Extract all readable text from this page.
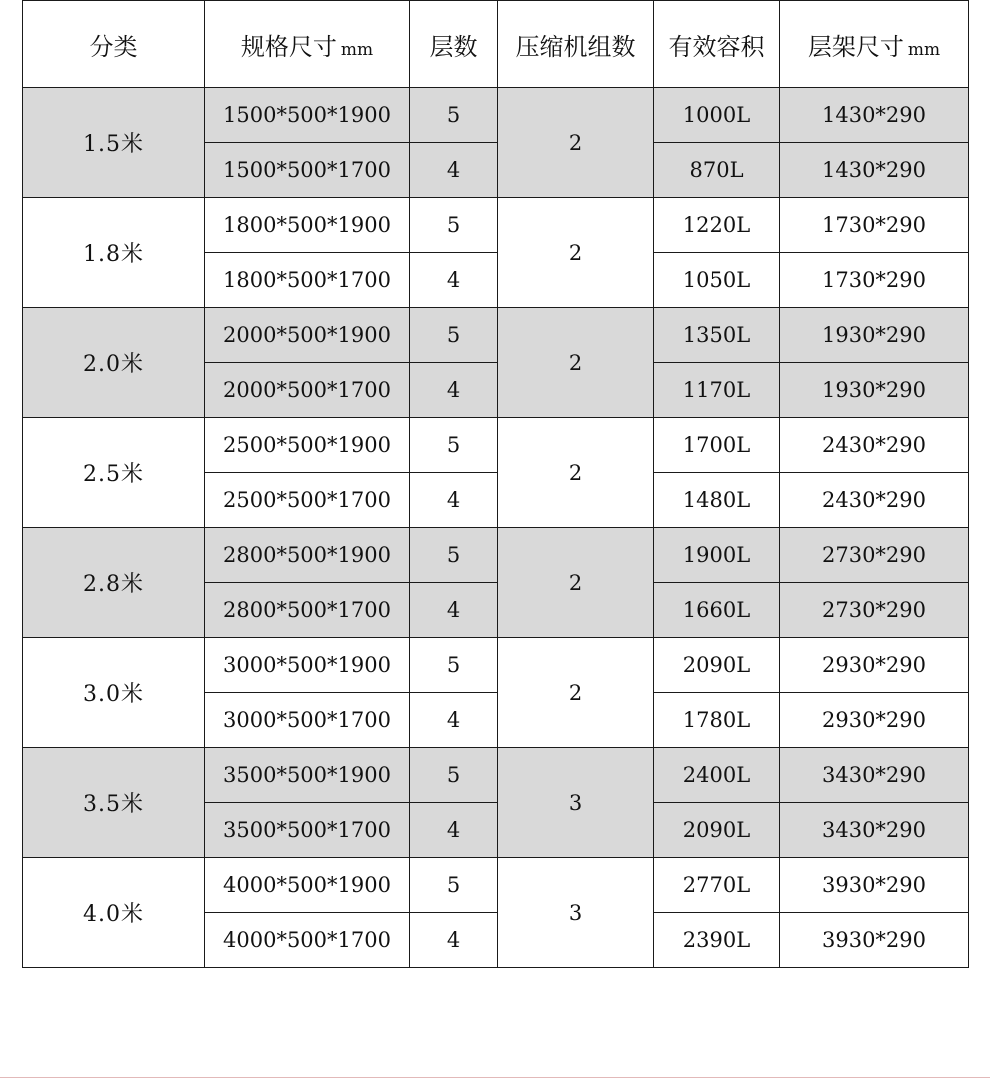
分类	规格尺寸 mm	层数	压缩机组数	有效容积	层架尺寸 mm
1.5米	1500*500*1900	5	2	1000L	1430*290
	1500*500*1700	4		870L	1430*290
1.8米	1800*500*1900	5	2	1220L	1730*290
	1800*500*1700	4		1050L	1730*290
2.0米	2000*500*1900	5	2	1350L	1930*290
	2000*500*1700	4		1170L	1930*290
2.5米	2500*500*1900	5	2	1700L	2430*290
	2500*500*1700	4		1480L	2430*290
2.8米	2800*500*1900	5	2	1900L	2730*290
	2800*500*1700	4		1660L	2730*290
3.0米	3000*500*1900	5	2	2090L	2930*290
	3000*500*1700	4		1780L	2930*290
3.5米	3500*500*1900	5	3	2400L	3430*290
	3500*500*1700	4		2090L	3430*290
4.0米	4000*500*1900	5	3	2770L	3930*290
	4000*500*1700	4		2390L	3930*290
